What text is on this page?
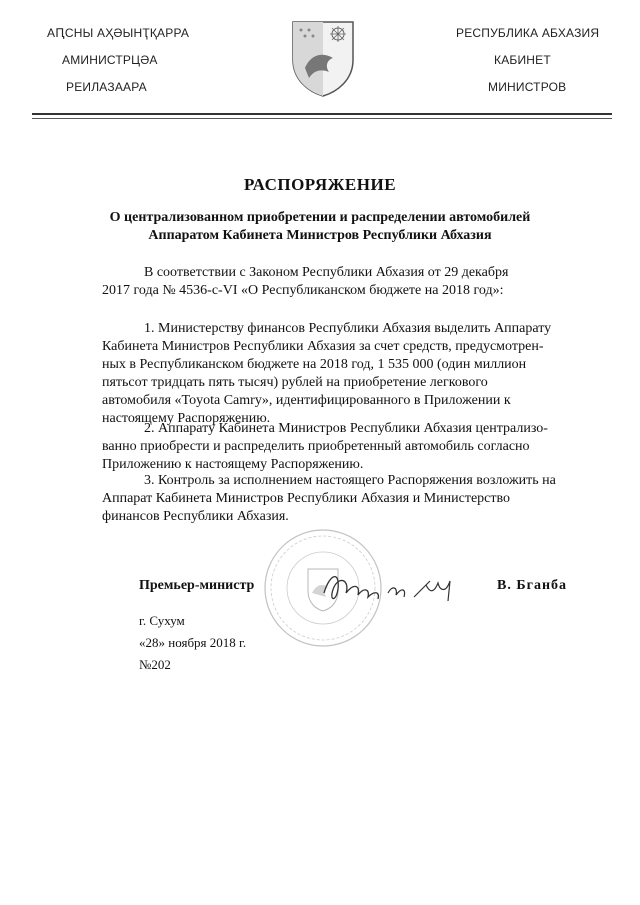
АԤСНЫ АҲӘЫНҬҚАРРА
АМИНИСТРЦӘА
РЕИЛАЗААРА
РЕСПУБЛИКА АБХАЗИЯ
КАБИНЕТ
МИНИСТРОВ
РАСПОРЯЖЕНИЕ
О централизованном приобретении и распределении автомобилей
Аппаратом Кабинета Министров Республики Абхазия
В соответствии с Законом Республики Абхазия от 29 декабря
2017 года № 4536-с-VI «О Республиканском бюджете на 2018 год»:
1. Министерству финансов Республики Абхазия выделить Аппарату
Кабинета Министров Республики Абхазия за счет средств, предусмотрен-
ных в Республиканском бюджете на 2018 год, 1 535 000 (один миллион
пятьсот тридцать пять тысяч) рублей на приобретение легкового
автомобиля «Toyota Camry», идентифицированного в Приложении к
настоящему Распоряжению.
2. Аппарату Кабинета Министров Республики Абхазия централизо-
ванно приобрести и распределить приобретенный автомобиль согласно
Приложению к настоящему Распоряжению.
3. Контроль за исполнением настоящего Распоряжения возложить на
Аппарат Кабинета Министров Республики Абхазия и Министерство
финансов Республики Абхазия.
Премьер-министр	В. Бганба
г. Сухум
«28» ноября 2018 г.
№202
